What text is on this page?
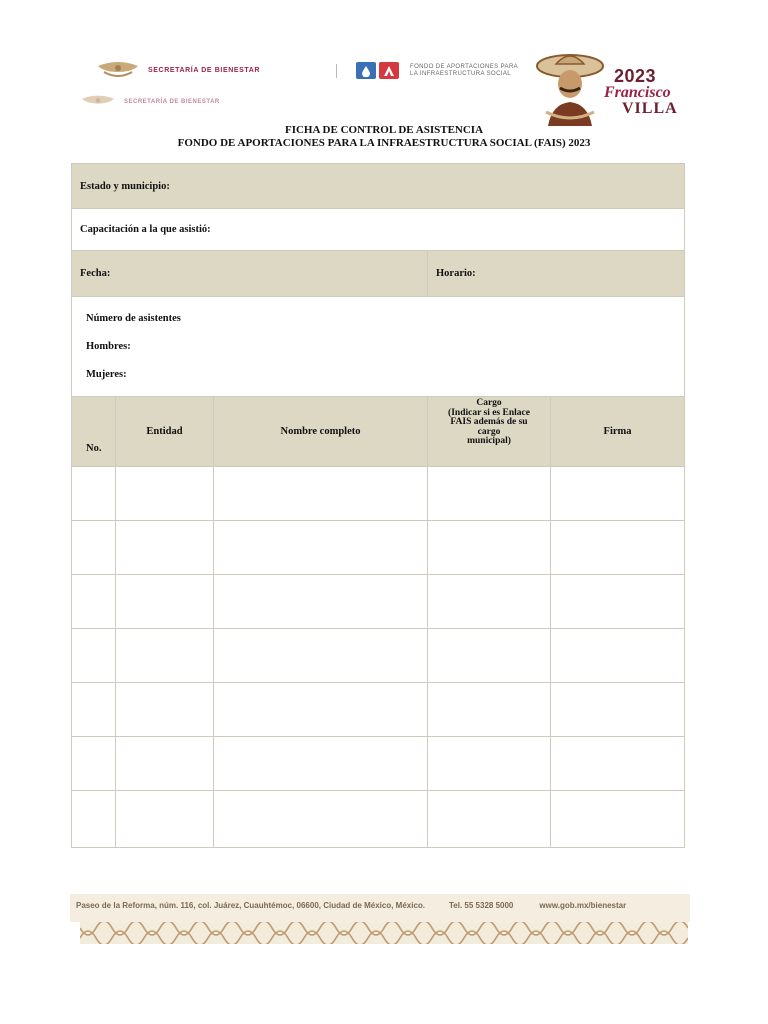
SECRETARÍA DE BIENESTAR
SECRETARÍA DE BIENESTAR
FONDO DE APORTACIONES PARA
LA INFRAESTRUCTURA SOCIAL	2023
Francisco
VILLA
FICHA DE CONTROL DE ASISTENCIA
FONDO DE APORTACIONES PARA LA INFRAESTRUCTURA SOCIAL (FAIS) 2023
Estado y municipio:				
Capacitación a la que asistió:				
Fecha:			Horario:	

Número de asistentes
Hombres:
Mujeres:				

No.	Entidad	Nombre completo	Cargo
(Indicar si es Enlace
FAIS además de su
cargo
municipal)	Firma

Paseo de la Reforma, núm. 116, col. Juárez, Cuauhtémoc, 06600, Ciudad de México, México.	Tel. 55 5328 5000	www.gob.mx/bienestar
